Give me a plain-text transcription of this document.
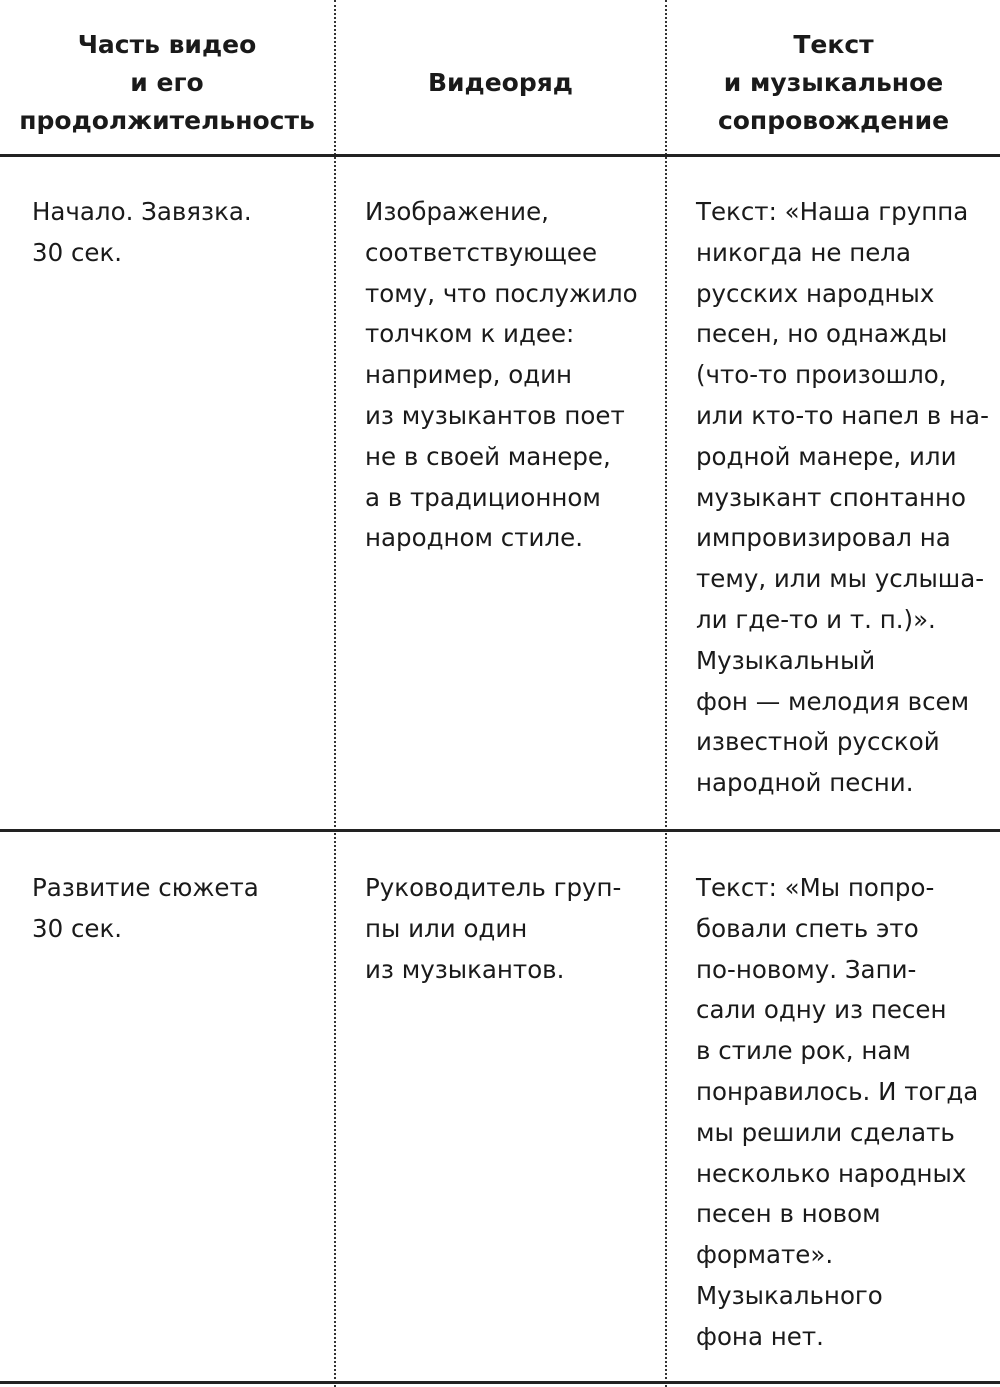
Часть видео
и его
продолжительность
Видеоряд
Текст
и музыкальное
сопровождение
Начало. Завязка.
30 сек.
Изображение,
соответствующее
тому, что послужило
толчком к идее:
например, один
из музыкантов поет
не в своей манере,
а в традиционном
народном стиле.
Текст: «Наша группа
никогда не пела
русских народных
песен, но однажды
(что-то произошло,
или кто-то напел в на-
родной манере, или
музыкант спонтанно
импровизировал на
тему, или мы услыша-
ли где-то и т. п.)».
Музыкальный
фон — мелодия всем
известной русской
народной песни.
Развитие сюжета
30 сек.
Руководитель груп-
пы или один
из музыкантов.
Текст: «Мы попро-
бовали спеть это
по-новому. Запи-
сали одну из песен
в стиле рок, нам
понравилось. И тогда
мы решили сделать
несколько народных
песен в новом
формате».
Музыкального
фона нет.
